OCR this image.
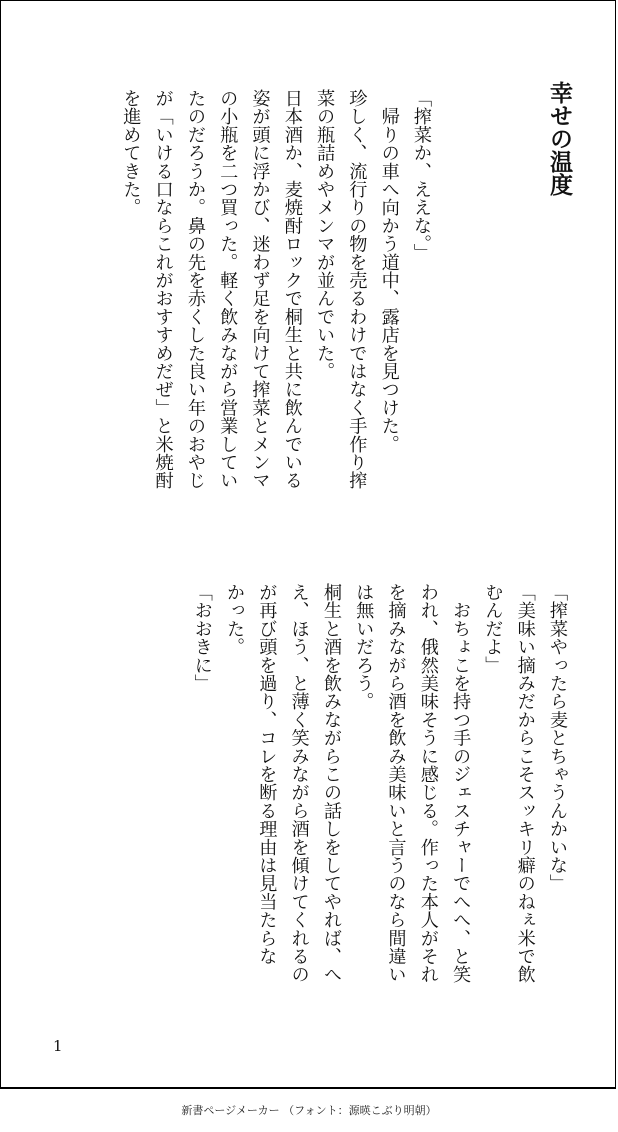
幸せの温度
「搾菜か、ええな。」
　帰りの車へ向かう道中、露店を見つけた。
珍しく、流行りの物を売るわけではなく手作り搾
菜の瓶詰めやメンマが並んでいた。
日本酒か、麦焼酎ロックで桐生と共に飲んでいる
姿が頭に浮かび、迷わず足を向けて搾菜とメンマ
の小瓶を二つ買った。軽く飲みながら営業してい
たのだろうか。鼻の先を赤くした良い年のおやじ
が「いける口ならこれがおすすめだぜ」と米焼酎
を進めてきた。
「搾菜やったら麦とちゃうんかいな」
「美味い摘みだからこそスッキリ癖のねぇ米で飲
むんだよ」
　おちょこを持つ手のジェスチャーでへへ、と笑
われ、俄然美味そうに感じる。作った本人がそれ
を摘みながら酒を飲み美味いと言うのなら間違い
は無いだろう。
桐生と酒を飲みながらこの話しをしてやれば、へ
え、ほう、と薄く笑みながら酒を傾けてくれるの
が再び頭を過り、コレを断る理由は見当たらな
かった。
「おおきに」
1
新書ページメーカー （フォント：源暎こぶり明朝）
